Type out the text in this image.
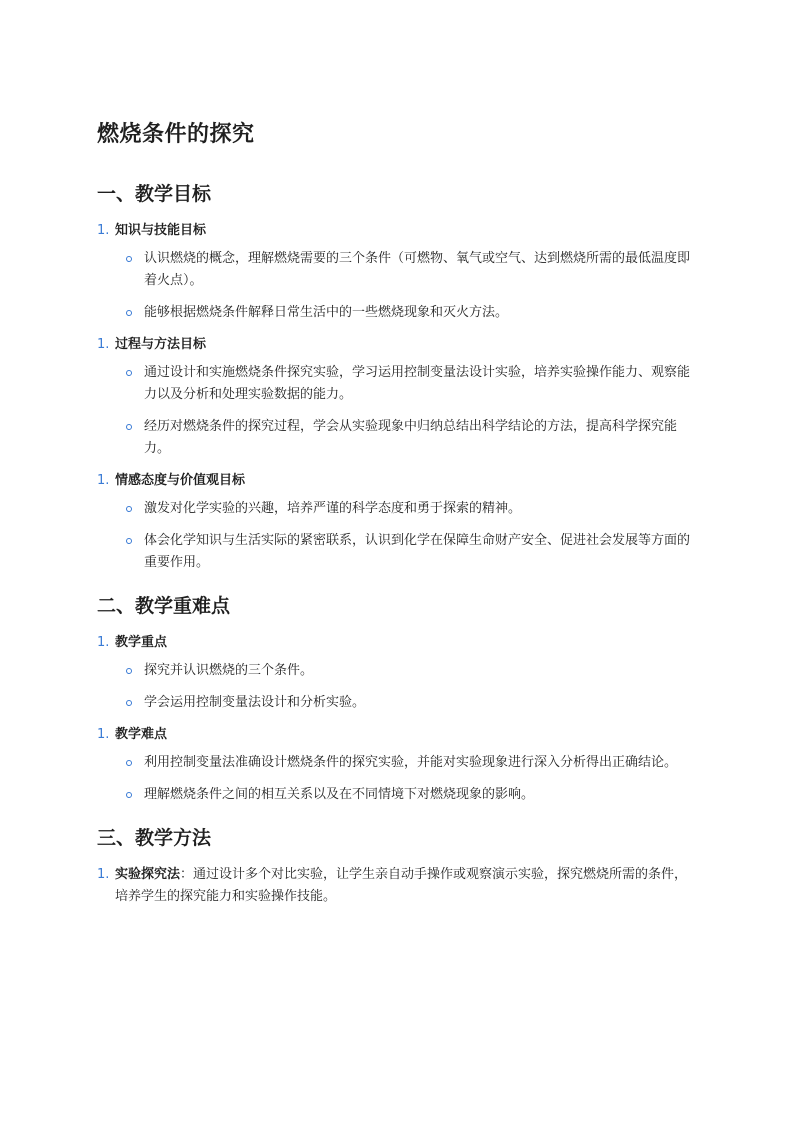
燃烧条件的探究
一、教学目标
1. 知识与技能目标
认识燃烧的概念，理解燃烧需要的三个条件（可燃物、氧气或空气、达到燃烧所需的最低温度即着火点）。
能够根据燃烧条件解释日常生活中的一些燃烧现象和灭火方法。
1. 过程与方法目标
通过设计和实施燃烧条件探究实验，学习运用控制变量法设计实验，培养实验操作能力、观察能力以及分析和处理实验数据的能力。
经历对燃烧条件的探究过程，学会从实验现象中归纳总结出科学结论的方法，提高科学探究能力。
1. 情感态度与价值观目标
激发对化学实验的兴趣，培养严谨的科学态度和勇于探索的精神。
体会化学知识与生活实际的紧密联系，认识到化学在保障生命财产安全、促进社会发展等方面的重要作用。
二、教学重难点
1. 教学重点
探究并认识燃烧的三个条件。
学会运用控制变量法设计和分析实验。
1. 教学难点
利用控制变量法准确设计燃烧条件的探究实验，并能对实验现象进行深入分析得出正确结论。
理解燃烧条件之间的相互关系以及在不同情境下对燃烧现象的影响。
三、教学方法
1. 实验探究法：通过设计多个对比实验，让学生亲自动手操作或观察演示实验，探究燃烧所需的条件，培养学生的探究能力和实验操作技能。
